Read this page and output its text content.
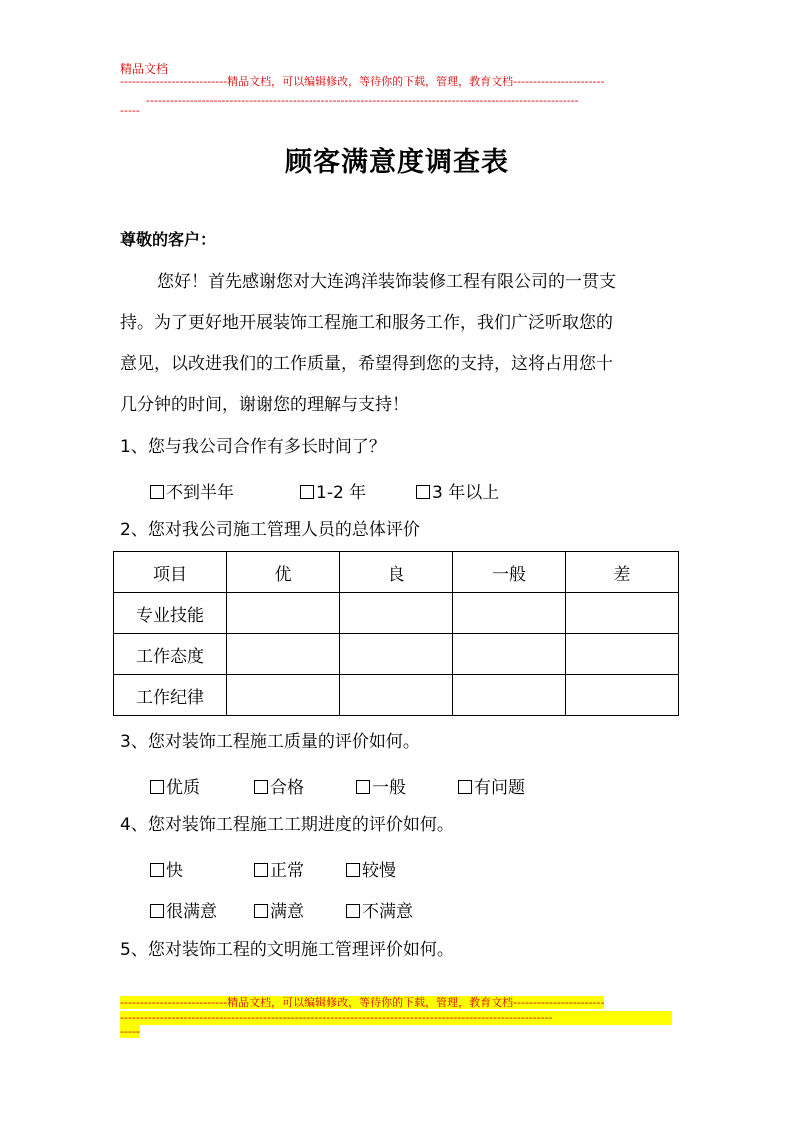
精品文档
---------------------------精品文档，可以编辑修改，等待你的下载，管理，教育文档-----------------------
-------------------------------------------------------------------------------------------------------------
-----
顾客满意度调查表
尊敬的客户：
您好！首先感谢您对大连鸿洋装饰装修工程有限公司的一贯支
持。为了更好地开展装饰工程施工和服务工作，我们广泛听取您的
意见，以改进我们的工作质量，希望得到您的支持，这将占用您十
几分钟的时间，谢谢您的理解与支持！
1、您与我公司合作有多长时间了？
不到半年	1-2 年	3 年以上
2、您对我公司施工管理人员的总体评价
项目	优	良	一般	差
专业技能				
工作态度				
工作纪律				
3、您对装饰工程施工质量的评价如何。
优质	合格	一般	有问题
4、您对装饰工程施工工期进度的评价如何。
快	正常	较慢
很满意	满意	不满意
5、您对装饰工程的文明施工管理评价如何。
---------------------------精品文档，可以编辑修改，等待你的下载，管理，教育文档-----------------------
-------------------------------------------------------------------------------------------------------------
-----
